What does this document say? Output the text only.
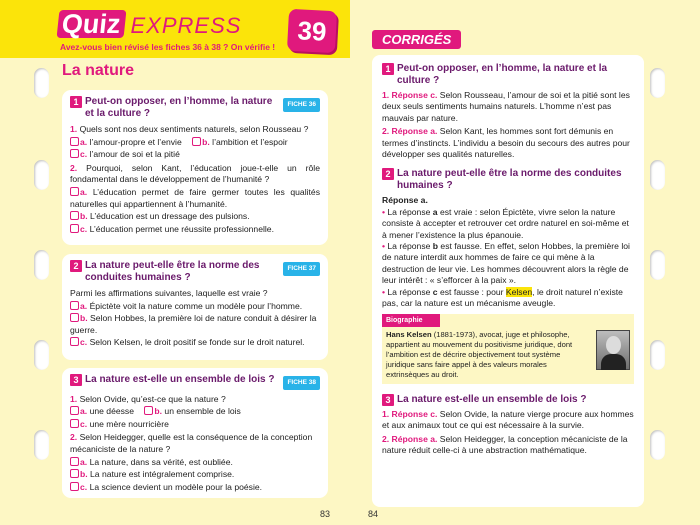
Quiz EXPRESS
Avez-vous bien révisé les fiches 36 à 38 ? On vérifie !
39
La nature
1 Peut-on opposer, en l’homme, la nature et la culture ?
FICHE 36
1. Quels sont nos deux sentiments naturels, selon Rousseau ?
a. l’amour-propre et l’envie b. l’ambition et l’espoir
c. l’amour de soi et la pitié
2. Pourquoi, selon Kant, l’éducation joue-t-elle un rôle fondamental dans le développement de l’humanité ?
a. L’éducation permet de faire germer toutes les qualités naturelles qui appartiennent à l’humanité.
b. L’éducation est un dressage des pulsions.
c. L’éducation permet une réussite professionnelle.
2 La nature peut-elle être la norme des conduites humaines ?
FICHE 37
Parmi les affirmations suivantes, laquelle est vraie ?
a. Épictète voit la nature comme un modèle pour l’homme.
b. Selon Hobbes, la première loi de nature conduit à désirer la guerre.
c. Selon Kelsen, le droit positif se fonde sur le droit naturel.
3 La nature est-elle un ensemble de lois ?	FICHE 38
1. Selon Ovide, qu’est-ce que la nature ?
a. une déesse b. un ensemble de lois
c. une mère nourricière
2. Selon Heidegger, quelle est la conséquence de la conception mécaniciste de la nature ?
a. La nature, dans sa vérité, est oubliée.
b. La nature est intégralement comprise.
c. La science devient un modèle pour la poésie.
83	84
CORRIGÉS
1 Peut-on opposer, en l’homme, la nature et la culture ?
1. Réponse c. Selon Rousseau, l’amour de soi et la pitié sont les deux seuls sentiments humains naturels. L’homme n’est pas mauvais par nature.
2. Réponse a. Selon Kant, les hommes sont fort démunis en termes d’instincts. L’individu a besoin du secours des autres pour développer ses qualités naturelles.
2 La nature peut-elle être la norme des conduites humaines ?
Réponse a.
• La réponse a est vraie : selon Épictète, vivre selon la nature consiste à accepter et retrouver cet ordre naturel en soi-même et à mener l’existence la plus épanouie.
• La réponse b est fausse. En effet, selon Hobbes, la première loi de nature interdit aux hommes de faire ce qui mène à la destruction de leur vie. Les hommes découvrent alors la règle de leur intérêt : « s’efforcer à la paix ».
• La réponse c est fausse : pour Kelsen, le droit naturel n’existe pas, car la nature est un mécanisme aveugle.
Biographie
Hans Kelsen (1881-1973), avocat, juge et philosophe, appartient au mouvement du positivisme juridique, dont l’ambition est de décrire objectivement tout système juridique sans faire appel à des valeurs morales extrinsèques au droit.
3 La nature est-elle un ensemble de lois ?
1. Réponse c. Selon Ovide, la nature vierge procure aux hommes et aux animaux tout ce qui est nécessaire à la survie.
2. Réponse a. Selon Heidegger, la conception mécaniciste de la nature réduit celle-ci à une abstraction mathématique.
